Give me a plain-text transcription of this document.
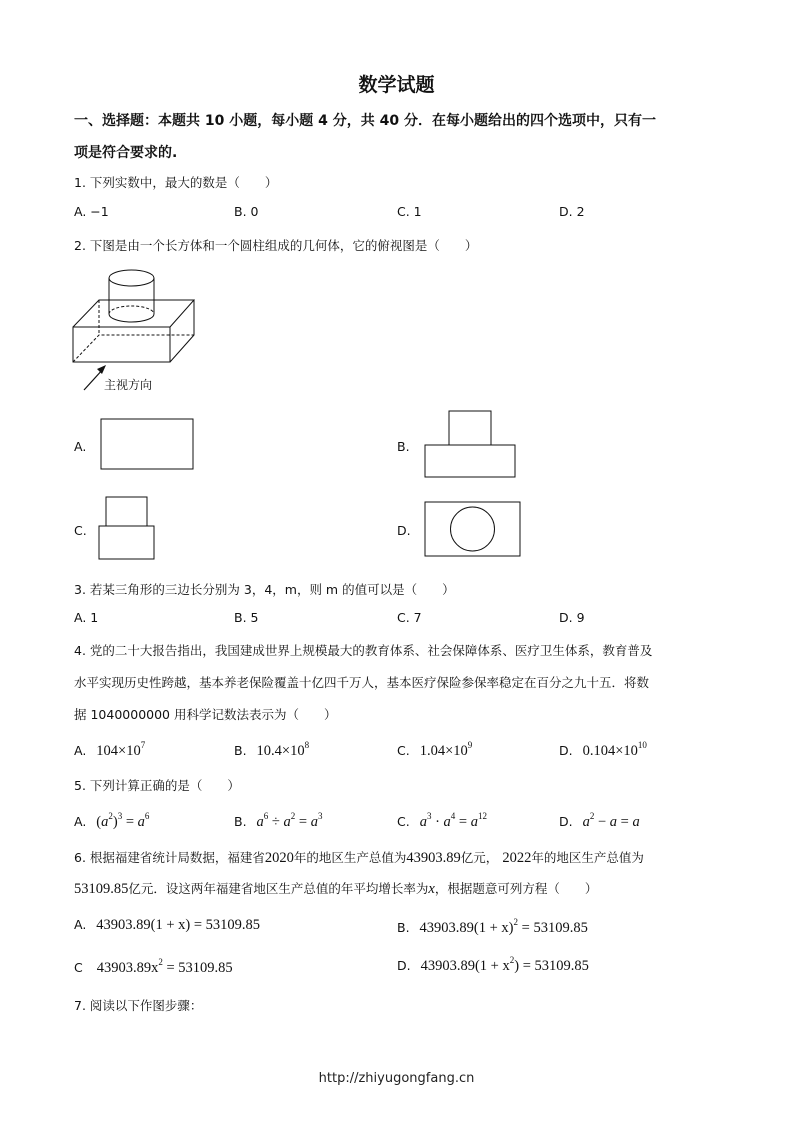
数学试题
一、选择题：本题共 10 小题，每小题 4 分，共 40 分．在每小题给出的四个选项中，只有一
项是符合要求的.
1. 下列实数中，最大的数是（　　）
A. −1	B. 0	C. 1	D. 2
2. 下图是由一个长方体和一个圆柱组成的几何体，它的俯视图是（　　）
主视方向
A.	B.
C.	D.
3. 若某三角形的三边长分别为 3，4，m，则 m 的值可以是（　　）
A. 1	B. 5	C. 7	D. 9
4. 党的二十大报告指出，我国建成世界上规模最大的教育体系、社会保障体系、医疗卫生体系，教育普及
水平实现历史性跨越，基本养老保险覆盖十亿四千万人，基本医疗保险参保率稳定在百分之九十五．将数
据 1040000000 用科学记数法表示为（　　）
A. $104\times 10^7$	B. $10.4\times 10^8$	C. $1.04\times 10^9$	D. $0.104\times 10^{10}$
5. 下列计算正确的是（　　）
A. $(a^2)^3 = a^6$	B. $a^6 \div a^2 = a^3$	C. $a^3 \cdot a^4 = a^{12}$	D. $a^2 - a = a$
6. 根据福建省统计局数据，福建省2020年的地区生产总值为43903.89亿元， 2022年的地区生产总值为
53109.85亿元．设这两年福建省地区生产总值的年平均增长率为x，根据题意可列方程（　　）
A. 43903.89(1 + x) = 53109.85	B. $43903.89(1 + x)^2 = 53109.85$
C $43903.89x^2 = 53109.85$	D. $43903.89(1 + x^2) = 53109.85$
7. 阅读以下作图步骤：
http://zhiyugongfang.cn
